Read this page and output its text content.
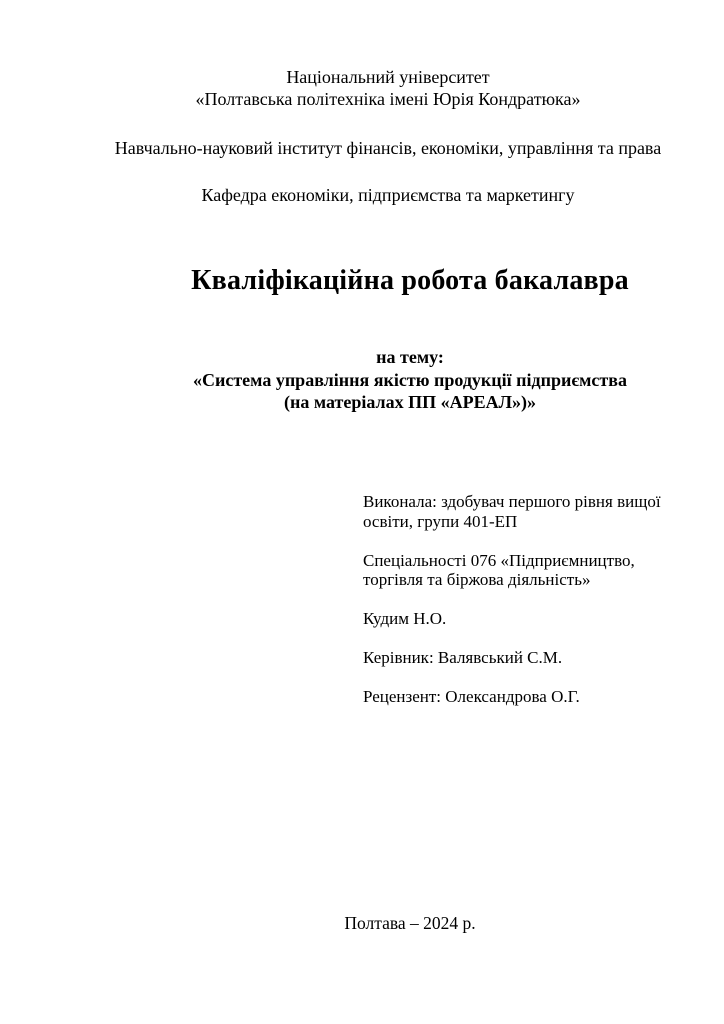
Національний університет
«Полтавська політехніка імені Юрія Кондратюка»
Навчально-науковий інститут фінансів, економіки, управління та права
Кафедра економіки, підприємства та маркетингу
Кваліфікаційна робота бакалавра
на тему:
«Система управління якістю продукції підприємства
(на матеріалах ПП «АРЕАЛ»)»

Виконала: здобувач першого рівня вищої освіти, групи 401-ЕП

Спеціальності 076 «Підприємництво, торгівля та біржова діяльність»

Кудим Н.О.

Керівник: Валявський С.М.

Рецензент: Олександрова О.Г.

Полтава – 2024 р.
